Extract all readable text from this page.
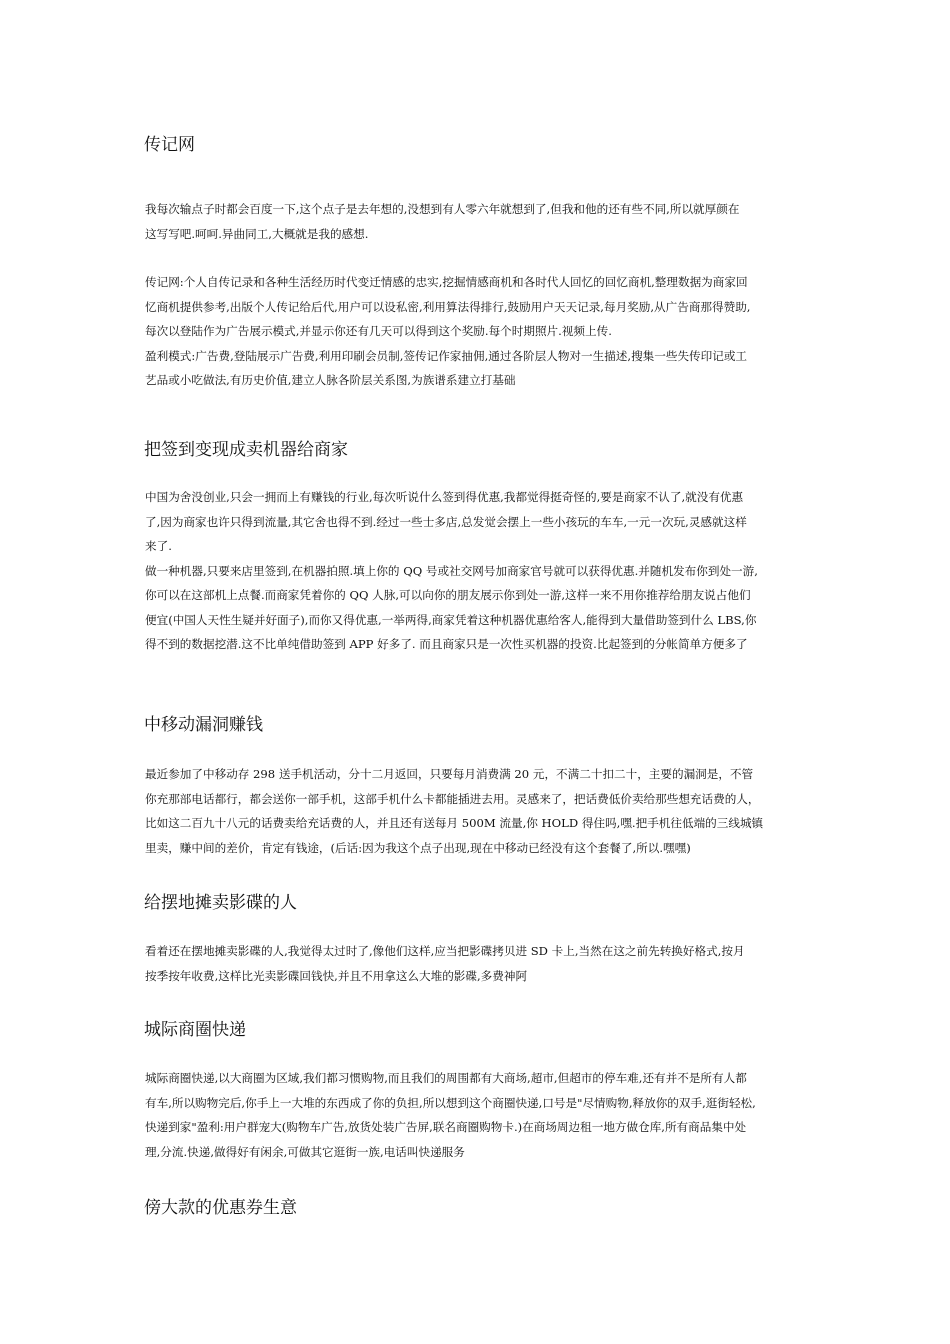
传记网
我每次输点子时都会百度一下,这个点子是去年想的,没想到有人零六年就想到了,但我和他的还有些不同,所以就厚颜在
这写写吧.呵呵.异曲同工,大概就是我的感想.
传记网:个人自传记录和各种生活经历时代变迁情感的忠实,挖掘情感商机和各时代人回忆的回忆商机,整理数据为商家回
忆商机提供参考,出版个人传记给后代,用户可以设私密,利用算法得排行,鼓励用户天天记录,每月奖励,从广告商那得赞助,
每次以登陆作为广告展示模式,并显示你还有几天可以得到这个奖励.每个时期照片.视频上传.
盈利模式:广告费,登陆展示广告费,利用印刷会员制,签传记作家抽佣,通过各阶层人物对一生描述,搜集一些失传印记或工
艺品或小吃做法,有历史价值,建立人脉各阶层关系图,为族谱系建立打基础
把签到变现成卖机器给商家
中国为舍没创业,只会一拥而上有赚钱的行业,每次听说什么签到得优惠,我都觉得挺奇怪的,要是商家不认了,就没有优惠
了,因为商家也许只得到流量,其它舍也得不到.经过一些士多店,总发觉会摆上一些小孩玩的车车,一元一次玩,灵感就这样
来了.
做一种机器,只要来店里签到,在机器拍照.填上你的 QQ 号或社交网号加商家官号就可以获得优惠.并随机发布你到处一游,
你可以在这部机上点餐.而商家凭着你的 QQ 人脉,可以向你的朋友展示你到处一游,这样一来不用你推荐给朋友说占他们
便宜(中国人天性生疑并好面子),而你又得优惠,一举两得,商家凭着这种机器优惠给客人,能得到大量借助签到什么 LBS,你
得不到的数据挖潜.这不比单纯借助签到 APP 好多了. 而且商家只是一次性买机器的投资.比起签到的分帐简单方便多了
中移动漏洞赚钱
最近参加了中移动存 298 送手机活动，分十二月返回，只要每月消费满 20 元，不满二十扣二十，主要的漏洞是，不管
你充那部电话都行，都会送你一部手机，这部手机什么卡都能插进去用。灵感来了，把话费低价卖给那些想充话费的人，
比如这二百九十八元的话费卖给充话费的人，并且还有送每月 500M 流量,你 HOLD 得住吗,嘿.把手机往低端的三线城镇
里卖，赚中间的差价，肯定有钱途，(后话:因为我这个点子出现,现在中移动已经没有这个套餐了,所以.嘿嘿)
给摆地摊卖影碟的人
看着还在摆地摊卖影碟的人,我觉得太过时了,像他们这样,应当把影碟拷贝进 SD 卡上,当然在这之前先转换好格式,按月
按季按年收费,这样比光卖影碟回钱快,并且不用拿这么大堆的影碟,多费神阿
城际商圈快递
城际商圈快递,以大商圈为区域,我们都习惯购物,而且我们的周围都有大商场,超市,但超市的停车难,还有并不是所有人都
有车,所以购物完后,你手上一大堆的东西成了你的负担,所以想到这个商圈快递,口号是"尽情购物,释放你的双手,逛街轻松,
快递到家"盈利:用户群宠大(购物车广告,放货处装广告屏,联名商圈购物卡.)在商场周边租一地方做仓库,所有商品集中处
理,分流.快递,做得好有闲余,可做其它逛街一族,电话叫快递服务
傍大款的优惠券生意
